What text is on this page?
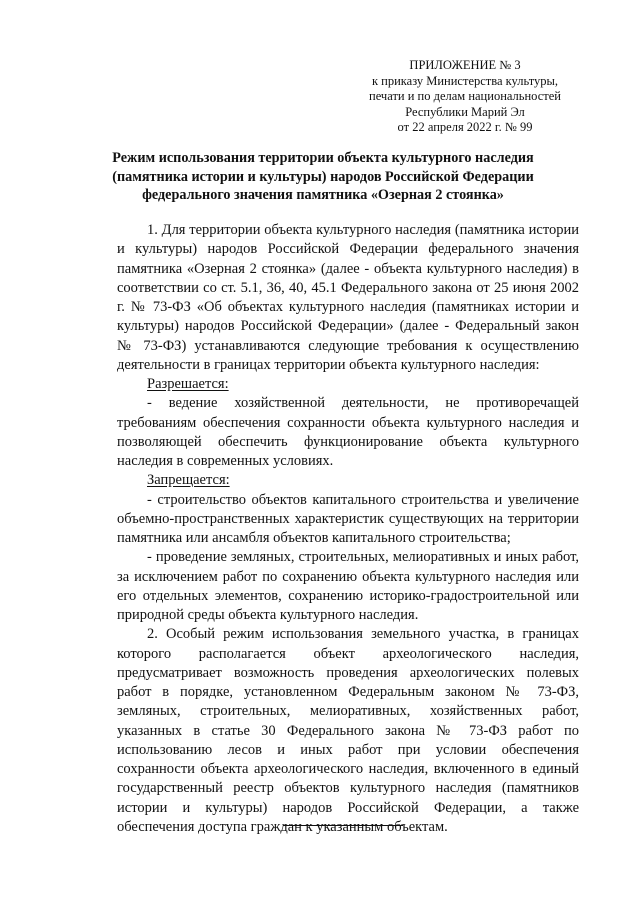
ПРИЛОЖЕНИЕ № 3
к приказу Министерства культуры,
печати и по делам национальностей
Республики Марий Эл
от 22 апреля 2022 г. № 99
Режим использования территории объекта культурного наследия
(памятника истории и культуры) народов Российской Федерации
федерального значения памятника «Озерная 2 стоянка»
1. Для территории объекта культурного наследия (памятника истории и культуры) народов Российской Федерации федерального значения памятника «Озерная 2 стоянка» (далее - объекта культурного наследия) в соответствии со ст. 5.1, 36, 40, 45.1 Федерального закона от 25 июня 2002 г. № 73-ФЗ «Об объектах культурного наследия (памятниках истории и культуры) народов Российской Федерации» (далее - Федеральный закон № 73-ФЗ) устанавливаются следующие требования к осуществлению деятельности в границах территории объекта культурного наследия:
Разрешается:
- ведение хозяйственной деятельности, не противоречащей требованиям обеспечения сохранности объекта культурного наследия и позволяющей обеспечить функционирование объекта культурного наследия в современных условиях.
Запрещается:
- строительство объектов капитального строительства и увеличение объемно-пространственных характеристик существующих на территории памятника или ансамбля объектов капитального строительства;
- проведение земляных, строительных, мелиоративных и иных работ, за исключением работ по сохранению объекта культурного наследия или его отдельных элементов, сохранению историко-градостроительной или природной среды объекта культурного наследия.
2. Особый режим использования земельного участка, в границах которого располагается объект археологического наследия, предусматривает возможность проведения археологических полевых работ в порядке, установленном Федеральным законом № 73-ФЗ, земляных, строительных, мелиоративных, хозяйственных работ, указанных в статье 30 Федерального закона № 73-ФЗ работ по использованию лесов и иных работ при условии обеспечения сохранности объекта археологического наследия, включенного в единый государственный реестр объектов культурного наследия (памятников истории и культуры) народов Российской Федерации, а также обеспечения доступа граждан к указанным объектам.
